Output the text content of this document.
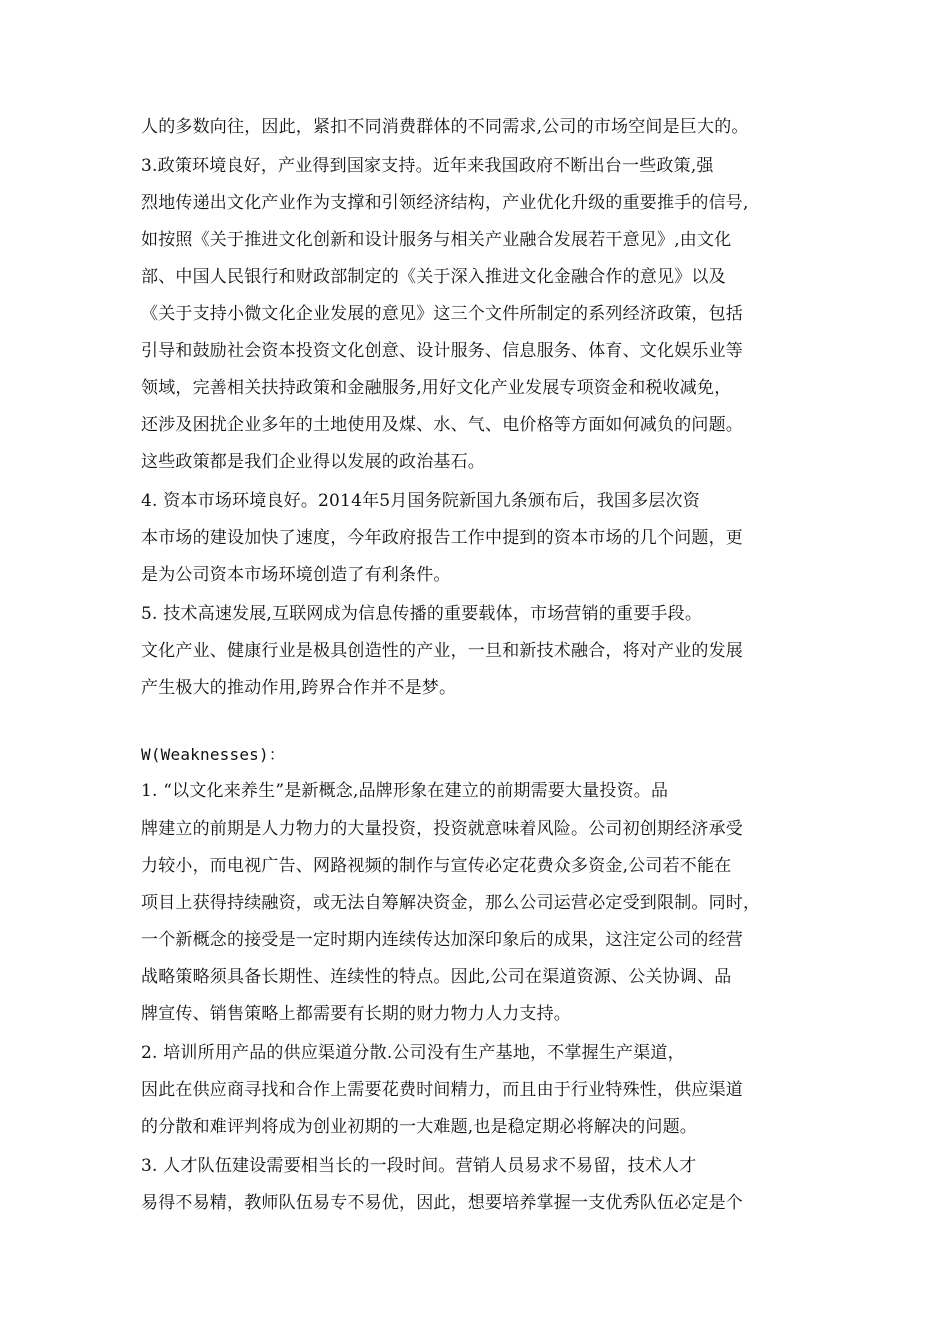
人的多数向往，因此，紧扣不同消费群体的不同需求,公司的市场空间是巨大的。
3.政策环境良好，产业得到国家支持。近年来我国政府不断出台一些政策,强
烈地传递出文化产业作为支撑和引领经济结构，产业优化升级的重要推手的信号,
如按照《关于推进文化创新和设计服务与相关产业融合发展若干意见》,由文化
部、中国人民银行和财政部制定的《关于深入推进文化金融合作的意见》以及
《关于支持小微文化企业发展的意见》这三个文件所制定的系列经济政策，包括
引导和鼓励社会资本投资文化创意、设计服务、信息服务、体育、文化娱乐业等
领域，完善相关扶持政策和金融服务,用好文化产业发展专项资金和税收减免，
还涉及困扰企业多年的土地使用及煤、水、气、电价格等方面如何减负的问题。
这些政策都是我们企业得以发展的政治基石。
4. 资本市场环境良好。2014年5月国务院新国九条颁布后，我国多层次资
本市场的建设加快了速度，今年政府报告工作中提到的资本市场的几个问题，更
是为公司资本市场环境创造了有利条件。
5. 技术高速发展,互联网成为信息传播的重要载体，市场营销的重要手段。
文化产业、健康行业是极具创造性的产业，一旦和新技术融合，将对产业的发展
产生极大的推动作用,跨界合作并不是梦。
W(Weaknesses)：
1. “以文化来养生”是新概念,品牌形象在建立的前期需要大量投资。品
牌建立的前期是人力物力的大量投资，投资就意味着风险。公司初创期经济承受
力较小，而电视广告、网路视频的制作与宣传必定花费众多资金,公司若不能在
项目上获得持续融资，或无法自筹解决资金，那么公司运营必定受到限制。同时，
一个新概念的接受是一定时期内连续传达加深印象后的成果，这注定公司的经营
战略策略须具备长期性、连续性的特点。因此,公司在渠道资源、公关协调、品
牌宣传、销售策略上都需要有长期的财力物力人力支持。
2. 培训所用产品的供应渠道分散.公司没有生产基地，不掌握生产渠道，
因此在供应商寻找和合作上需要花费时间精力，而且由于行业特殊性，供应渠道
的分散和难评判将成为创业初期的一大难题,也是稳定期必将解决的问题。
3. 人才队伍建设需要相当长的一段时间。营销人员易求不易留，技术人才
易得不易精，教师队伍易专不易优，因此，想要培养掌握一支优秀队伍必定是个
